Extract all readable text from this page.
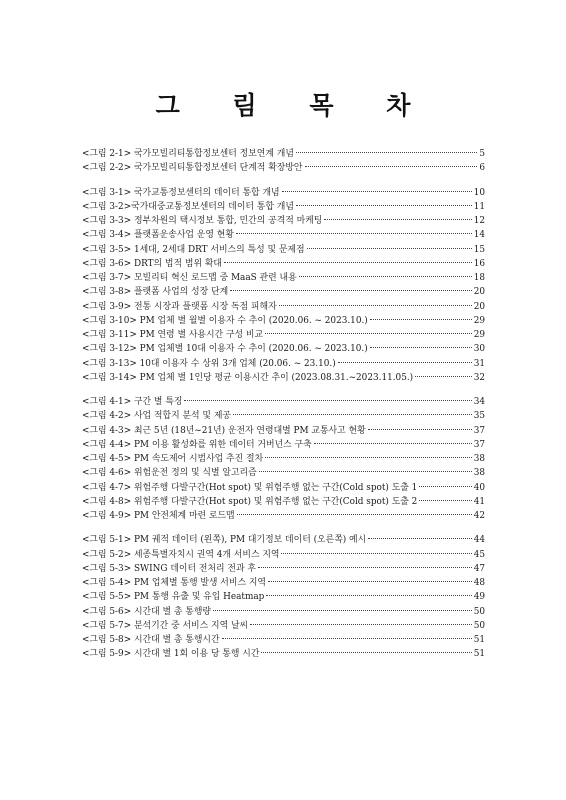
그 림 목 차
<그림 2-1> 국가모빌리티통합정보센터 정보연계 개념	5
<그림 2-2> 국가모빌리티통합정보센터 단계적 확장방안	6
<그림 3-1> 국가교통정보센터의 데이터 통합 개념	10
<그림 3-2>국가대중교통정보센터의 데이터 통합 개념	11
<그림 3-3> 정부차원의 택시정보 통합, 민간의 공격적 마케팅	12
<그림 3-4> 플랫폼운송사업 운영 현황	14
<그림 3-5> 1세대, 2세대 DRT 서비스의 특성 및 문제점	15
<그림 3-6> DRT의 법적 범위 확대	16
<그림 3-7> 모빌리티 혁신 로드맵 중 MaaS 관련 내용	18
<그림 3-8> 플랫폼 사업의 성장 단계	20
<그림 3-9> 전통 시장과 플랫폼 시장 독점 피해자	20
<그림 3-10> PM 업체 별 월별 이용자 수 추이 (2020.06. ~ 2023.10.)	29
<그림 3-11> PM 연령 별 사용시간 구성 비교	29
<그림 3-12> PM 업체별 10대 이용자 수 추이 (2020.06. ~ 2023.10.)	30
<그림 3-13> 10대 이용자 수 상위 3개 업체 (20.06. ~ 23.10.)	31
<그림 3-14> PM 업체 별 1인당 평균 이용시간 추이 (2023.08.31.~2023.11.05.)	32
<그림 4-1> 구간 별 특징	34
<그림 4-2> 사업 적합지 분석 및 제공	35
<그림 4-3> 최근 5년 (18년~21년) 운전자 연령대별 PM 교통사고 현황	37
<그림 4-4> PM 이용 활성화를 위한 데이터 거버넌스 구축	37
<그림 4-5> PM 속도제어 시범사업 추진 절차	38
<그림 4-6> 위험운전 정의 및 식별 알고리즘	38
<그림 4-7> 위험주행 다발구간(Hot spot) 및 위험주행 없는 구간(Cold spot) 도출 1	40
<그림 4-8> 위험주행 다발구간(Hot spot) 및 위험주행 없는 구간(Cold spot) 도출 2	41
<그림 4-9> PM 안전체계 마련 로드맵	42
<그림 5-1> PM 궤적 데이터 (왼쪽), PM 대기정보 데이터 (오른쪽) 예시	44
<그림 5-2> 세종특별자치시 권역 4개 서비스 지역	45
<그림 5-3> SWING 데이터 전처리 전과 후	47
<그림 5-4> PM 업체별 통행 발생 서비스 지역	48
<그림 5-5> PM 통행 유출 및 유입 Heatmap	49
<그림 5-6> 시간대 별 총 통행량	50
<그림 5-7> 분석기간 중 서비스 지역 날씨	50
<그림 5-8> 시간대 별 총 통행시간	51
<그림 5-9> 시간대 별 1회 이용 당 통행 시간	51
